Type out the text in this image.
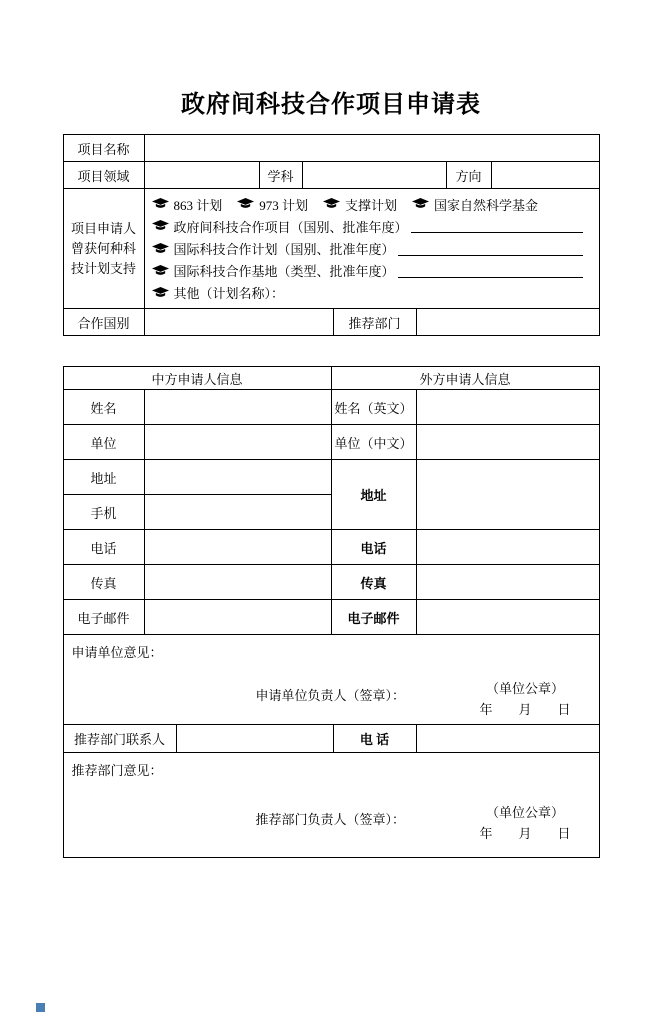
政府间科技合作项目申请表
项目名称
项目领域	学科	方向
项目申请人
曾获何种科
技计划支持
863 计划	973 计划	支撑计划	国家自然科学基金
政府间科技合作项目（国别、批准年度）
国际科技合作计划（国别、批准年度）
国际科技合作基地（类型、批准年度）
其他（计划名称）：
合作国别	推荐部门
中方申请人信息	外方申请人信息
姓名	姓名（英文）
单位	单位（中文）
地址
手机
地址
电话	电话
传真	传真
电子邮件	电子邮件
申请单位意见：
申请单位负责人（签章）：	（单位公章）
年　　月　　日
推荐部门联系人	电 话
推荐部门意见：
推荐部门负责人（签章）：	（单位公章）
年　　月　　日
